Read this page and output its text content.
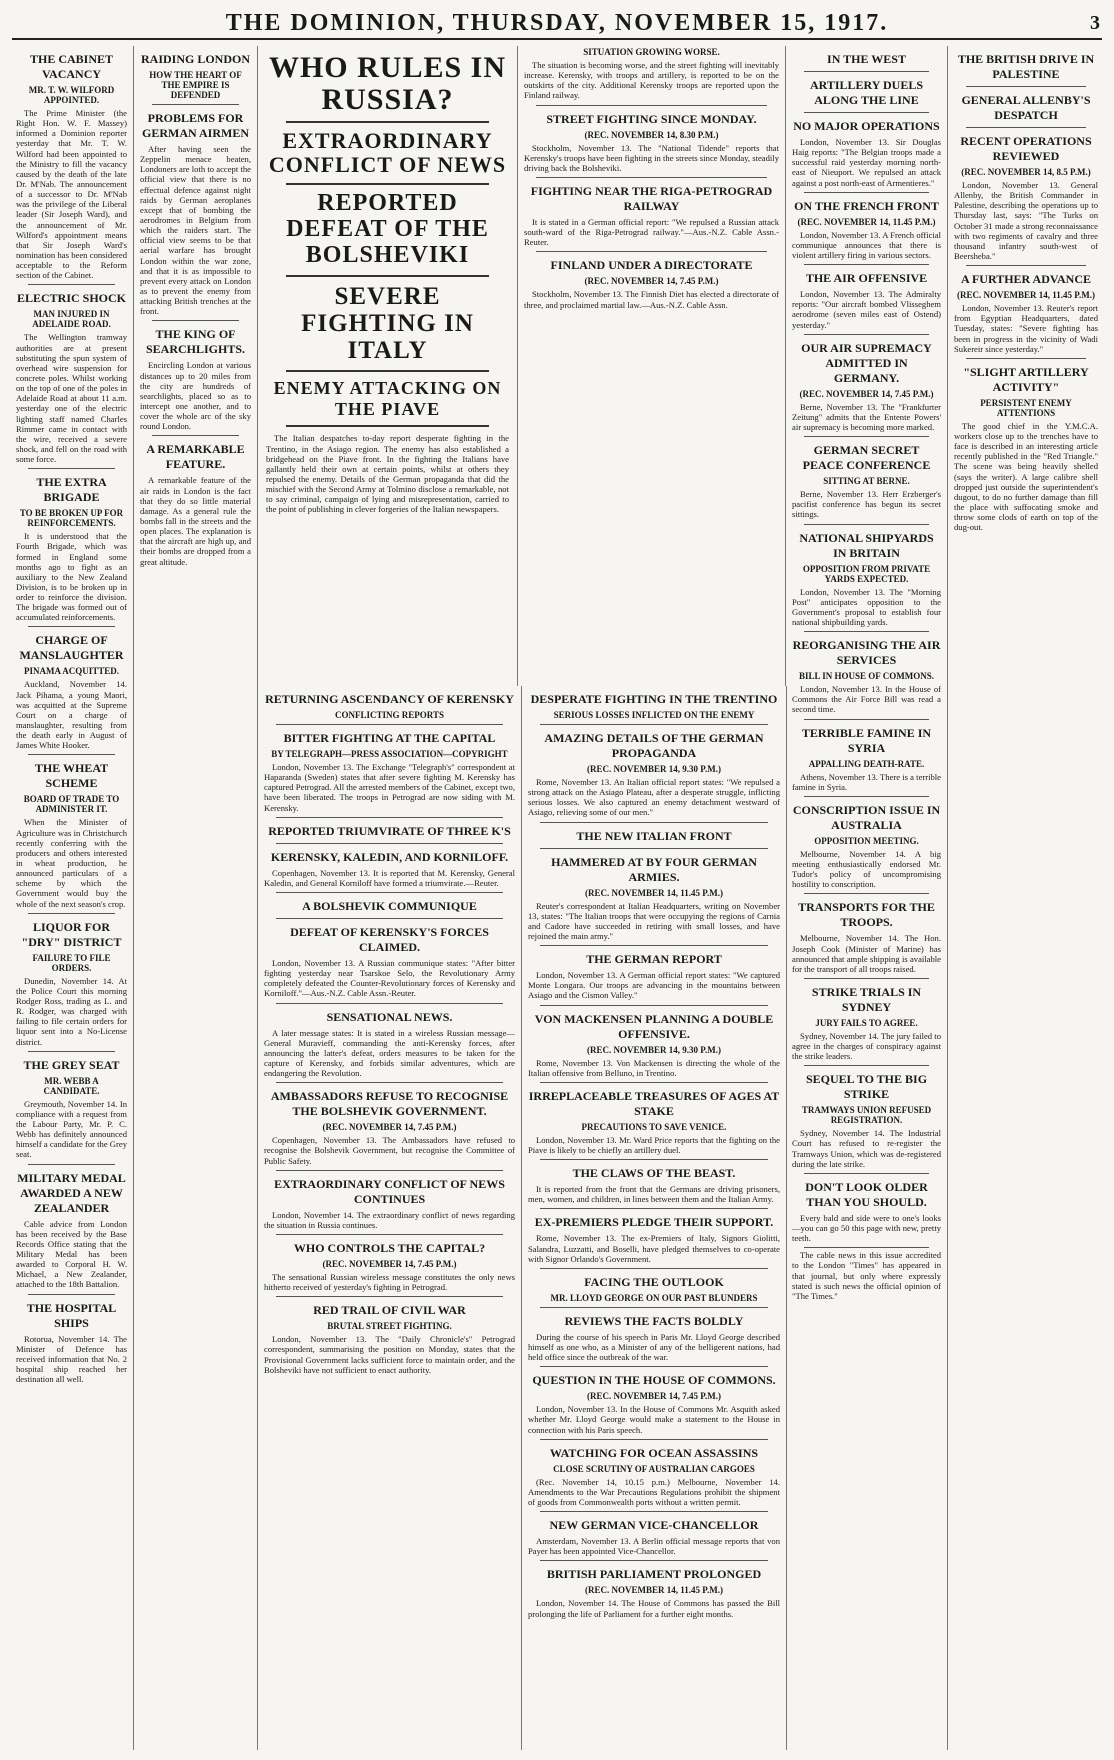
THE DOMINION, THURSDAY, NOVEMBER 15, 1917.	3
THE CABINET VACANCY
MR. T. W. WILFORD APPOINTED.
The Prime Minister (the Right Hon. W. F. Massey) informed a Dominion reporter yesterday that Mr. T. W. Wilford had been appointed to the Ministry to fill the vacancy caused by the death of the late Dr. M'Nab. The announcement of a successor to Dr. M'Nab was the privilege of the Liberal leader (Sir Joseph Ward), and the announcement of Mr. Wilford's appointment means that Sir Joseph Ward's nomination has been considered acceptable to the Reform section of the Cabinet.
ELECTRIC SHOCK
MAN INJURED IN ADELAIDE ROAD.
The Wellington tramway authorities are at present substituting the spun system of overhead wire suspension for concrete poles. Whilst working on the top of one of the poles in Adelaide Road at about 11 a.m. yesterday one of the electric lighting staff named Charles Rimmer came in contact with the wire, received a severe shock, and fell on the road with some force.
THE EXTRA BRIGADE
TO BE BROKEN UP FOR REINFORCEMENTS.
It is understood that the Fourth Brigade, which was formed in England some months ago to fight as an auxiliary to the New Zealand Division, is to be broken up in order to reinforce the division. The brigade was formed out of accumulated reinforcements.
CHARGE OF MANSLAUGHTER
PINAMA ACQUITTED.
Auckland, November 14. Jack Pihama, a young Maori, was acquitted at the Supreme Court on a charge of manslaughter, resulting from the death early in August of James White Hooker.
THE WHEAT SCHEME
BOARD OF TRADE TO ADMINISTER IT.
When the Minister of Agriculture was in Christchurch recently conferring with the producers and others interested in wheat production, he announced particulars of a scheme by which the Government would buy the whole of the next season's crop.
LIQUOR FOR "DRY" DISTRICT
FAILURE TO FILE ORDERS.
Dunedin, November 14. At the Police Court this morning Rodger Ross, trading as L. and R. Rodger, was charged with failing to file certain orders for liquor sent into a No-License district.
THE GREY SEAT
MR. WEBB A CANDIDATE.
Greymouth, November 14. In compliance with a request from the Labour Party, Mr. P. C. Webb has definitely announced himself a candidate for the Grey seat.
MILITARY MEDAL AWARDED A NEW ZEALANDER
Cable advice from London has been received by the Base Records Office stating that the Military Medal has been awarded to Corporal H. W. Michael, a New Zealander, attached to the 18th Battalion.
THE HOSPITAL SHIPS
Rotorua, November 14. The Minister of Defence has received information that No. 2 hospital ship reached her destination all well.
RAIDING LONDON
HOW THE HEART OF THE EMPIRE IS DEFENDED
PROBLEMS FOR GERMAN AIRMEN
After having seen the Zeppelin menace beaten, Londoners are loth to accept the official view that there is no effectual defence against night raids by German aeroplanes except that of bombing the aerodromes in Belgium from which the raiders start. The official view seems to be that aerial warfare has brought London within the war zone, and that it is as impossible to prevent every attack on London as to prevent the enemy from attacking British trenches at the front.
THE KING OF SEARCHLIGHTS.
Encircling London at various distances up to 20 miles from the city are hundreds of searchlights, placed so as to intercept one another, and to cover the whole arc of the sky round London.
A REMARKABLE FEATURE.
A remarkable feature of the air raids in London is the fact that they do so little material damage. As a general rule the bombs fall in the streets and the open places. The explanation is that the aircraft are high up, and their bombs are dropped from a great altitude.
WHO RULES IN RUSSIA?
EXTRAORDINARY CONFLICT OF NEWS
REPORTED DEFEAT OF THE BOLSHEVIKI
SEVERE FIGHTING IN ITALY
ENEMY ATTACKING ON THE PIAVE
The Italian despatches to-day report desperate fighting in the Trentino, in the Asiago region. The enemy has also established a bridgehead on the Piave front. In the fighting the Italians have gallantly held their own at certain points, whilst at others they repulsed the enemy. Details of the German propaganda that did the mischief with the Second Army at Tolmino disclose a remarkable, not to say criminal, campaign of lying and misrepresentation, carried to the point of publishing in clever forgeries of the Italian newspapers.
SITUATION GROWING WORSE.
The situation is becoming worse, and the street fighting will inevitably increase. Kerensky, with troops and artillery, is reported to be on the outskirts of the city. Additional Kerensky troops are reported upon the Finland railway.
STREET FIGHTING SINCE MONDAY.
(REC. NOVEMBER 14, 8.30 P.M.)
Stockholm, November 13. The "National Tidende" reports that Kerensky's troops have been fighting in the streets since Monday, steadily driving back the Bolsheviki.
FIGHTING NEAR THE RIGA-PETROGRAD RAILWAY
It is stated in a German official report: "We repulsed a Russian attack south-ward of the Riga-Petrograd railway."—Aus.-N.Z. Cable Assn.-Reuter.
FINLAND UNDER A DIRECTORATE
(REC. NOVEMBER 14, 7.45 P.M.)
Stockholm, November 13. The Finnish Diet has elected a directorate of three, and proclaimed martial law.—Aus.-N.Z. Cable Assn.
RETURNING ASCENDANCY OF KERENSKY
CONFLICTING REPORTS
BITTER FIGHTING AT THE CAPITAL
BY TELEGRAPH—PRESS ASSOCIATION—COPYRIGHT
London, November 13. The Exchange "Telegraph's" correspondent at Haparanda (Sweden) states that after severe fighting M. Kerensky has captured Petrograd. All the arrested members of the Cabinet, except two, have been liberated. The troops in Petrograd are now siding with M. Kerensky.
REPORTED TRIUMVIRATE OF THREE K'S
KERENSKY, KALEDIN, AND KORNILOFF.
Copenhagen, November 13. It is reported that M. Kerensky, General Kaledin, and General Korniloff have formed a triumvirate.—Reuter.
A BOLSHEVIK COMMUNIQUE
DEFEAT OF KERENSKY'S FORCES CLAIMED.
London, November 13. A Russian communique states: "After bitter fighting yesterday near Tsarskoe Selo, the Revolutionary Army completely defeated the Counter-Revolutionary forces of Kerensky and Korniloff."—Aus.-N.Z. Cable Assn.-Reuter.
SENSATIONAL NEWS.
A later message states: It is stated in a wireless Russian message—General Muravieff, commanding the anti-Kerensky forces, after announcing the latter's defeat, orders measures to be taken for the capture of Kerensky, and forbids similar adventures, which are endangering the Revolution.
AMBASSADORS REFUSE TO RECOGNISE THE BOLSHEVIK GOVERNMENT.
(REC. NOVEMBER 14, 7.45 P.M.)
Copenhagen, November 13. The Ambassadors have refused to recognise the Bolshevik Government, but recognise the Committee of Public Safety.
EXTRAORDINARY CONFLICT OF NEWS CONTINUES
London, November 14. The extraordinary conflict of news regarding the situation in Russia continues.
WHO CONTROLS THE CAPITAL?
(REC. NOVEMBER 14, 7.45 P.M.)
The sensational Russian wireless message constitutes the only news hitherto received of yesterday's fighting in Petrograd.
RED TRAIL OF CIVIL WAR
BRUTAL STREET FIGHTING.
London, November 13. The "Daily Chronicle's" Petrograd correspondent, summarising the position on Monday, states that the Provisional Government lacks sufficient force to maintain order, and the Bolsheviki have not sufficient to enact authority.
DESPERATE FIGHTING IN THE TRENTINO
SERIOUS LOSSES INFLICTED ON THE ENEMY
AMAZING DETAILS OF THE GERMAN PROPAGANDA
(REC. NOVEMBER 14, 9.30 P.M.)
Rome, November 13. An Italian official report states: "We repulsed a strong attack on the Asiago Plateau, after a desperate struggle, inflicting serious losses. We also captured an enemy detachment westward of Asiago, relieving some of our men."
THE NEW ITALIAN FRONT
HAMMERED AT BY FOUR GERMAN ARMIES.
(REC. NOVEMBER 14, 11.45 P.M.)
Reuter's correspondent at Italian Headquarters, writing on November 13, states: "The Italian troops that were occupying the regions of Carnia and Cadore have succeeded in retiring with small losses, and have rejoined the main army."
THE GERMAN REPORT
London, November 13. A German official report states: "We captured Monte Longara. Our troops are advancing in the mountains between Asiago and the Cismon Valley."
VON MACKENSEN PLANNING A DOUBLE OFFENSIVE.
(REC. NOVEMBER 14, 9.30 P.M.)
Rome, November 13. Von Mackensen is directing the whole of the Italian offensive from Belluno, in Trentino.
IRREPLACEABLE TREASURES OF AGES AT STAKE
PRECAUTIONS TO SAVE VENICE.
London, November 13. Mr. Ward Price reports that the fighting on the Piave is likely to be chiefly an artillery duel.
THE CLAWS OF THE BEAST.
It is reported from the front that the Germans are driving prisoners, men, women, and children, in lines between them and the Italian Army.
EX-PREMIERS PLEDGE THEIR SUPPORT.
Rome, November 13. The ex-Premiers of Italy, Signors Giolitti, Salandra, Luzzatti, and Boselli, have pledged themselves to co-operate with Signor Orlando's Government.
FACING THE OUTLOOK
MR. LLOYD GEORGE ON OUR PAST BLUNDERS
REVIEWS THE FACTS BOLDLY
During the course of his speech in Paris Mr. Lloyd George described himself as one who, as a Minister of any of the belligerent nations, had held office since the outbreak of the war.
QUESTION IN THE HOUSE OF COMMONS.
(REC. NOVEMBER 14, 7.45 P.M.)
London, November 13. In the House of Commons Mr. Asquith asked whether Mr. Lloyd George would make a statement to the House in connection with his Paris speech.
WATCHING FOR OCEAN ASSASSINS
CLOSE SCRUTINY OF AUSTRALIAN CARGOES
(Rec. November 14, 10.15 p.m.) Melbourne, November 14. Amendments to the War Precautions Regulations prohibit the shipment of goods from Commonwealth ports without a written permit.
NEW GERMAN VICE-CHANCELLOR
Amsterdam, November 13. A Berlin official message reports that von Payer has been appointed Vice-Chancellor.
BRITISH PARLIAMENT PROLONGED
(REC. NOVEMBER 14, 11.45 P.M.)
London, November 14. The House of Commons has passed the Bill prolonging the life of Parliament for a further eight months.
IN THE WEST
ARTILLERY DUELS ALONG THE LINE
NO MAJOR OPERATIONS
London, November 13. Sir Douglas Haig reports: "The Belgian troops made a successful raid yesterday morning north-east of Nieuport. We repulsed an attack against a post north-east of Armentieres."
ON THE FRENCH FRONT
(REC. NOVEMBER 14, 11.45 P.M.)
London, November 13. A French official communique announces that there is violent artillery firing in various sectors.
THE AIR OFFENSIVE
London, November 13. The Admiralty reports: "Our aircraft bombed Vlisseghem aerodrome (seven miles east of Ostend) yesterday."
OUR AIR SUPREMACY ADMITTED IN GERMANY.
(REC. NOVEMBER 14, 7.45 P.M.)
Berne, November 13. The "Frankfurter Zeitung" admits that the Entente Powers' air supremacy is becoming more marked.
GERMAN SECRET PEACE CONFERENCE
SITTING AT BERNE.
Berne, November 13. Herr Erzberger's pacifist conference has begun its secret sittings.
NATIONAL SHIPYARDS IN BRITAIN
OPPOSITION FROM PRIVATE YARDS EXPECTED.
London, November 13. The "Morning Post" anticipates opposition to the Government's proposal to establish four national shipbuilding yards.
REORGANISING THE AIR SERVICES
BILL IN HOUSE OF COMMONS.
London, November 13. In the House of Commons the Air Force Bill was read a second time.
TERRIBLE FAMINE IN SYRIA
APPALLING DEATH-RATE.
Athens, November 13. There is a terrible famine in Syria.
CONSCRIPTION ISSUE IN AUSTRALIA
OPPOSITION MEETING.
Melbourne, November 14. A big meeting enthusiastically endorsed Mr. Tudor's policy of uncompromising hostility to conscription.
TRANSPORTS FOR THE TROOPS.
Melbourne, November 14. The Hon. Joseph Cook (Minister of Marine) has announced that ample shipping is available for the transport of all troops raised.
STRIKE TRIALS IN SYDNEY
JURY FAILS TO AGREE.
Sydney, November 14. The jury failed to agree in the charges of conspiracy against the strike leaders.
SEQUEL TO THE BIG STRIKE
TRAMWAYS UNION REFUSED REGISTRATION.
Sydney, November 14. The Industrial Court has refused to re-register the Tramways Union, which was de-registered during the late strike.
DON'T LOOK OLDER THAN YOU SHOULD.
Every bald and side were to one's looks—you can go 50 this page with new, pretty teeth.
The cable news in this issue accredited to the London "Times" has appeared in that journal, but only where expressly stated is such news the official opinion of "The Times."
THE BRITISH DRIVE IN PALESTINE
GENERAL ALLENBY'S DESPATCH
RECENT OPERATIONS REVIEWED
(REC. NOVEMBER 14, 8.5 P.M.)
London, November 13. General Allenby, the British Commander in Palestine, describing the operations up to Thursday last, says: "The Turks on October 31 made a strong reconnaissance with two regiments of cavalry and three thousand infantry south-west of Beersheba."
A FURTHER ADVANCE
(REC. NOVEMBER 14, 11.45 P.M.)
London, November 13. Reuter's report from Egyptian Headquarters, dated Tuesday, states: "Severe fighting has been in progress in the vicinity of Wadi Sukereir since yesterday."
"SLIGHT ARTILLERY ACTIVITY"
PERSISTENT ENEMY ATTENTIONS
The good chief in the Y.M.C.A. workers close up to the trenches have to face is described in an interesting article recently published in the "Red Triangle." The scene was being heavily shelled (says the writer). A large calibre shell dropped just outside the superintendent's dugout, to do no further damage than fill the place with suffocating smoke and throw some clods of earth on top of the dug-out.
